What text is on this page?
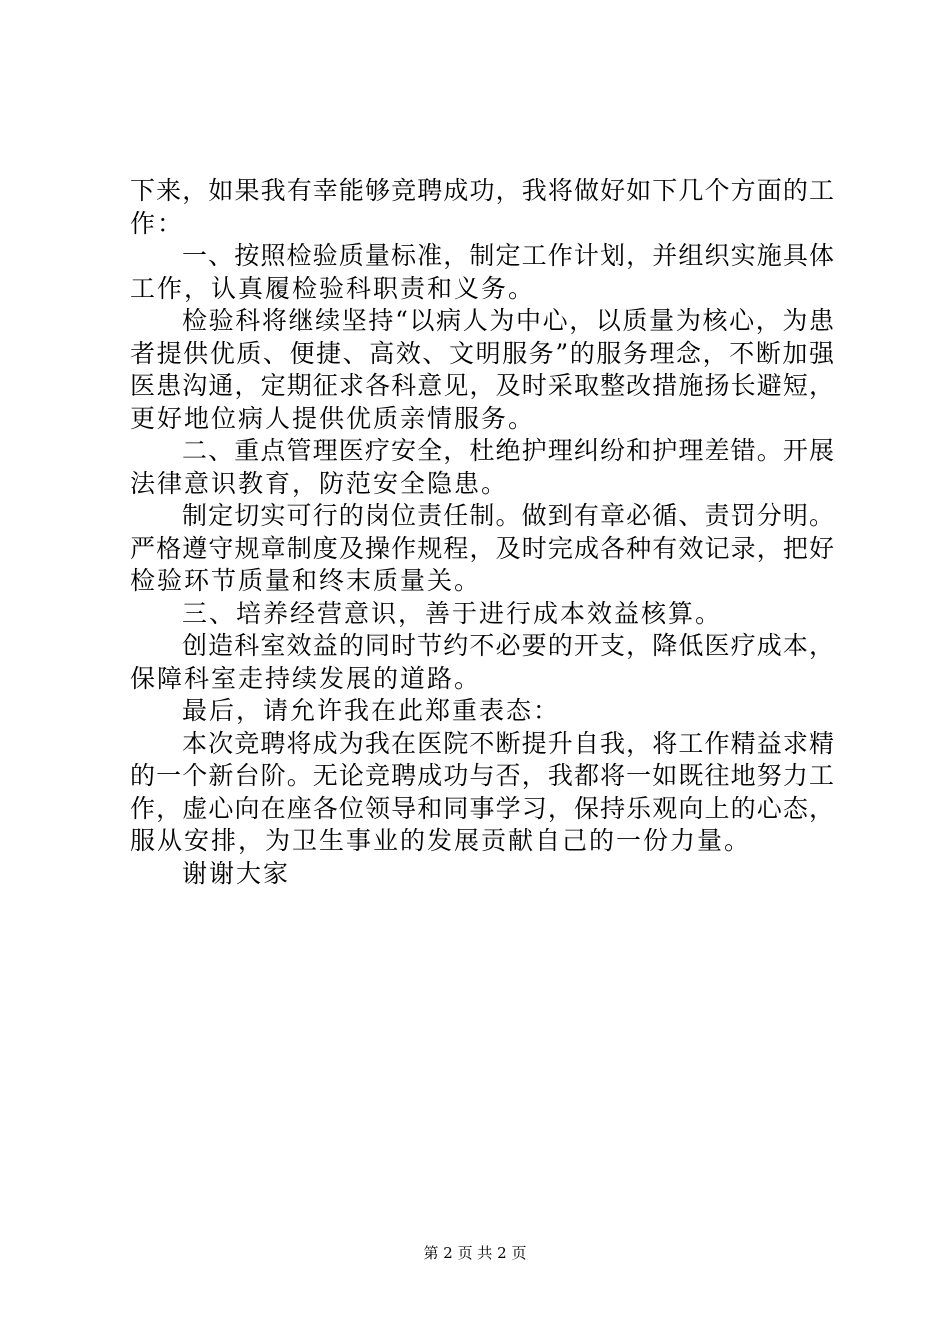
下来，如果我有幸能够竞聘成功，我将做好如下几个方面的工
作：
一、按照检验质量标准，制定工作计划，并组织实施具体
工作，认真履检验科职责和义务。
检验科将继续坚持“以病人为中心，以质量为核心，为患
者提供优质、便捷、高效、文明服务”的服务理念，不断加强
医患沟通，定期征求各科意见，及时采取整改措施扬长避短，
更好地位病人提供优质亲情服务。
二、重点管理医疗安全，杜绝护理纠纷和护理差错。开展
法律意识教育，防范安全隐患。
制定切实可行的岗位责任制。做到有章必循、责罚分明。
严格遵守规章制度及操作规程，及时完成各种有效记录，把好
检验环节质量和终末质量关。
三、培养经营意识，善于进行成本效益核算。
创造科室效益的同时节约不必要的开支，降低医疗成本，
保障科室走持续发展的道路。
最后，请允许我在此郑重表态：
本次竞聘将成为我在医院不断提升自我，将工作精益求精
的一个新台阶。无论竞聘成功与否，我都将一如既往地努力工
作，虚心向在座各位领导和同事学习，保持乐观向上的心态，
服从安排，为卫生事业的发展贡献自己的一份力量。
谢谢大家
第 2 页 共 2 页
